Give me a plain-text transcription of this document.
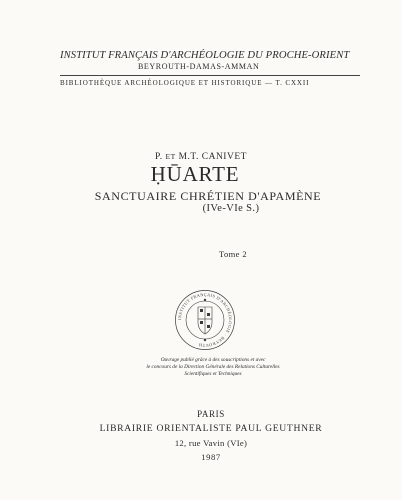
INSTITUT FRANÇAIS D'ARCHÉOLOGIE DU PROCHE-ORIENT
BEYROUTH-DAMAS-AMMAN
BIBLIOTHÈQUE ARCHÉOLOGIQUE ET HISTORIQUE — T. CXXII
P. ET M.T. CANIVET
ḤŪARTE
SANCTUAIRE CHRÉTIEN D'APAMÈNE
(IVe-VIe S.)
Tome 2
INSTITUT FRANÇAIS D'ARCHÉOLOGIE · BEYROUTH
Ouvrage publié grâce à des souscriptions et avec
le concours de la Direction Générale des Relations Culturelles
Scientifiques et Techniques
PARIS
LIBRAIRIE ORIENTALISTE PAUL GEUTHNER
12, rue Vavin (VIe)
1987
